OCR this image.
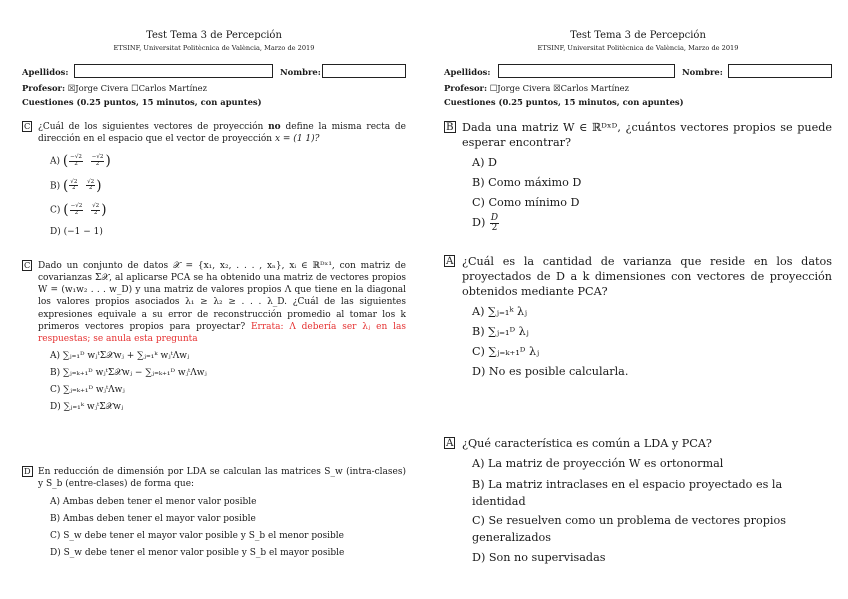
Test Tema 3 de Percepción
ETSINF, Universitat Politècnica de València, Marzo de 2019
Apellidos:	Nombre:
Profesor: ☒Jorge Civera ☐Carlos Martínez
Cuestiones (0.25 puntos, 15 minutos, con apuntes)
C ¿Cuál de los siguientes vectores de proyección no define la misma recta de dirección en el espacio que el vector de proyección x = (1 1)?
A) ( $\frac{-√2}{2}$
$\frac{-√2}{2}$ )
B) ( $\frac{√2}{2}$
$\frac{√2}{2}$ )
C) ( $\frac{-√2}{2}$
$\frac{√2}{2}$ )
D) (−1 − 1)
C Dado un conjunto de datos 𝒳 = {x₁, x₂, . . . , xₙ}, xᵢ ∈ ℝᴰˣ¹, con matriz de covarianzas Σ𝒳, al aplicarse PCA se ha obtenido una matriz de vectores propios W = (w₁w₂ . . . w_D) y una matriz de valores propios Λ que tiene en la diagonal los valores propios asociados λ₁ ≥ λ₂ ≥ . . . λ_D. ¿Cuál de las siguientes expresiones equivale a su error de reconstrucción promedio al tomar los k primeros vectores propios para proyectar? Errata: Λ debería ser λⱼ en las respuestas; se anula esta pregunta
A) ∑ⱼ₌₁ᴰ wⱼᵗΣ𝒳wⱼ + ∑ⱼ₌₁ᵏ wⱼᵗΛwⱼ
B) ∑ⱼ₌ₖ₊₁ᴰ wⱼᵗΣ𝒳wⱼ − ∑ⱼ₌ₖ₊₁ᴰ wⱼᵗΛwⱼ
C) ∑ⱼ₌ₖ₊₁ᴰ wⱼᵗΛwⱼ
D) ∑ⱼ₌₁ᵏ wⱼᵗΣ𝒳wⱼ
D En reducción de dimensión por LDA se calculan las matrices S_w (intra-clases) y S_b (entre-clases) de forma que:
A) Ambas deben tener el menor valor posible
B) Ambas deben tener el mayor valor posible
C) S_w debe tener el mayor valor posible y S_b el menor posible
D) S_w debe tener el menor valor posible y S_b el mayor posible
Test Tema 3 de Percepción
ETSINF, Universitat Politècnica de València, Marzo de 2019
Apellidos:	Nombre:
Profesor: ☐Jorge Civera ☒Carlos Martínez
Cuestiones (0.25 puntos, 15 minutos, con apuntes)
B Dada una matriz W ∈ ℝᴰˣᴰ, ¿cuántos vectores propios se puede esperar encontrar?
A) D
B) Como máximo D
C) Como mínimo D
$D) \frac{D}{2}$
A ¿Cuál es la cantidad de varianza que reside en los datos proyectados de D a k dimensiones con vectores de proyección obtenidos mediante PCA?
A) ∑ⱼ₌₁ᵏ λⱼ
B) ∑ⱼ₌₁ᴰ λⱼ
C) ∑ⱼ₌ₖ₊₁ᴰ λⱼ
D) No es posible calcularla.
A ¿Qué característica es común a LDA y PCA?
A) La matriz de proyección W es ortonormal
B) La matriz intraclases en el espacio proyectado es la identidad
C) Se resuelven como un problema de vectores propios generalizados
D) Son no supervisadas
